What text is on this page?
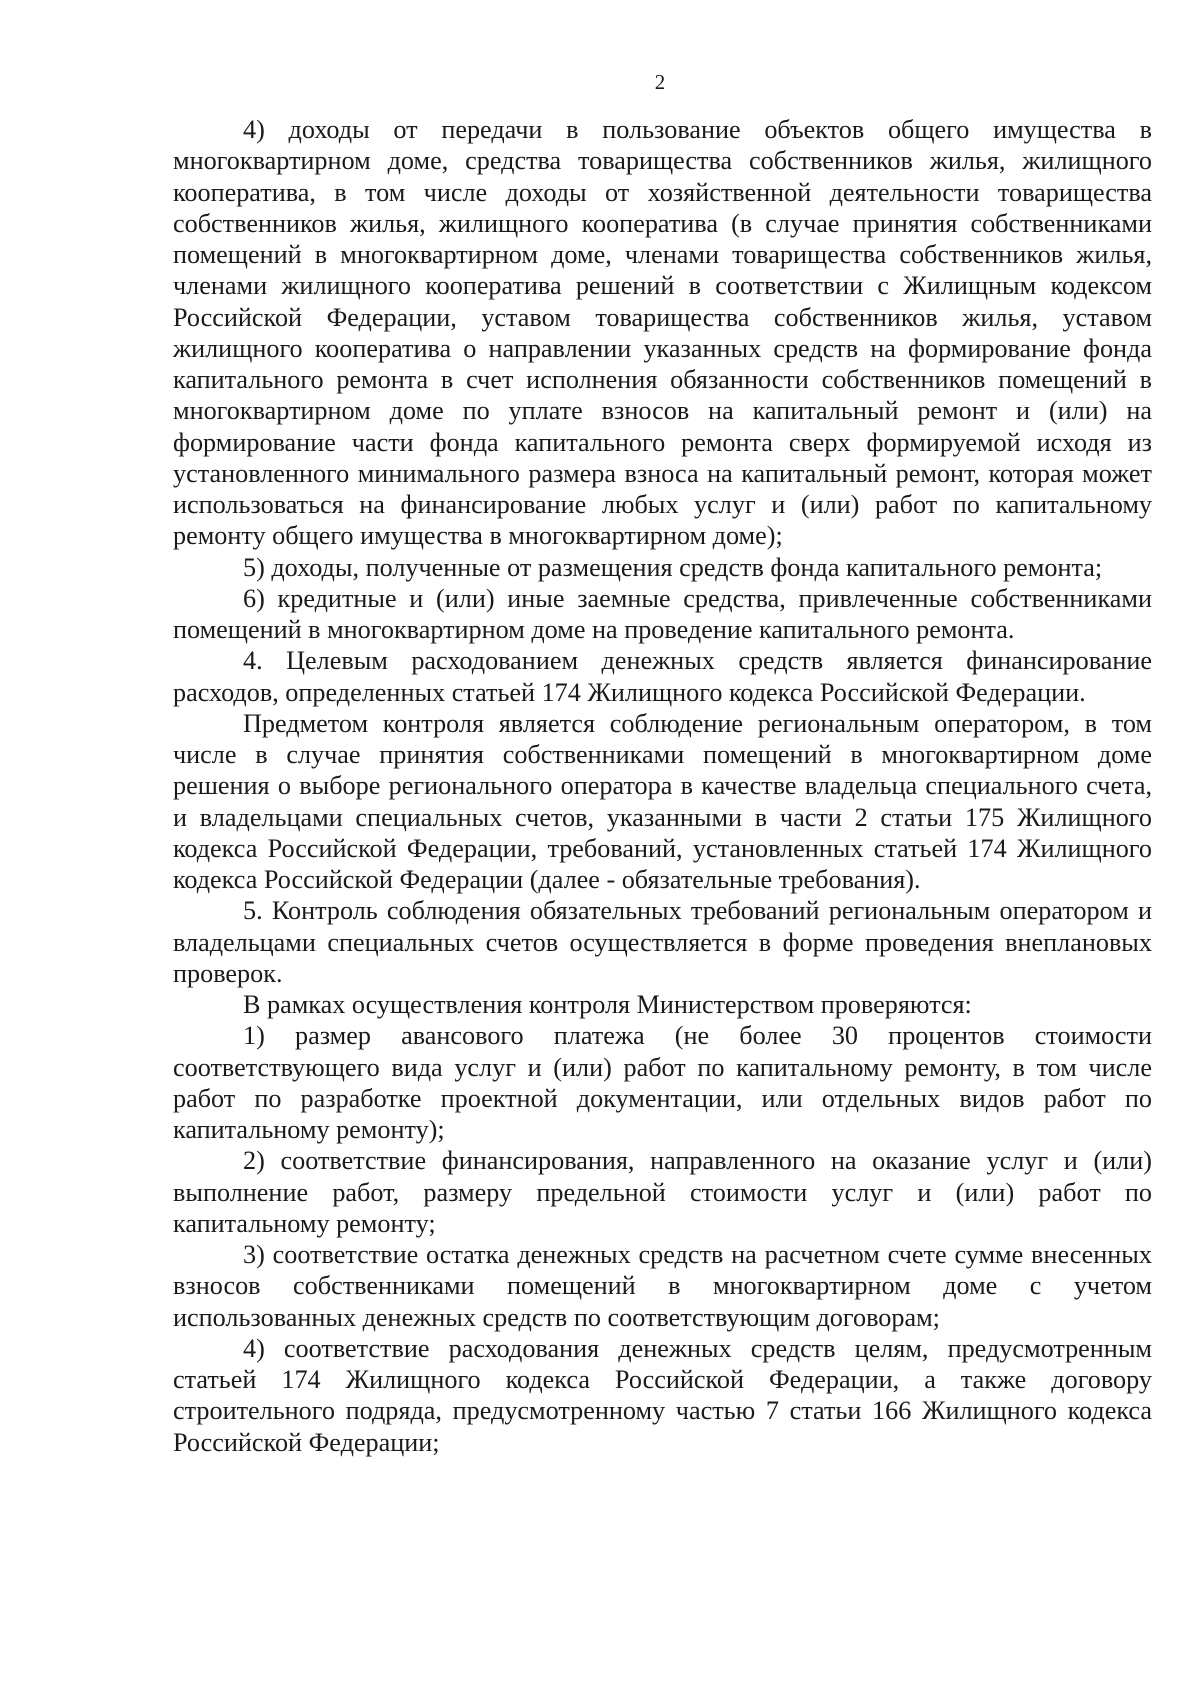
2

4) доходы от передачи в пользование объектов общего имущества в многоквартирном доме, средства товарищества собственников жилья, жилищного кооператива, в том числе доходы от хозяйственной деятельности товарищества собственников жилья, жилищного кооператива (в случае принятия собственниками помещений в многоквартирном доме, членами товарищества собственников жилья, членами жилищного кооператива решений в соответствии с Жилищным кодексом Российской Федерации, уставом товарищества собственников жилья, уставом жилищного кооператива о направлении указанных средств на формирование фонда капитального ремонта в счет исполнения обязанности собственников помещений в многоквартирном доме по уплате взносов на капитальный ремонт и (или) на формирование части фонда капитального ремонта сверх формируемой исходя из установленного минимального размера взноса на капитальный ремонт, которая может использоваться на финансирование любых услуг и (или) работ по капитальному ремонту общего имущества в многоквартирном доме);

5) доходы, полученные от размещения средств фонда капитального ремонта;

6) кредитные и (или) иные заемные средства, привлеченные собственниками помещений в многоквартирном доме на проведение капитального ремонта.

4. Целевым расходованием денежных средств является финансирование расходов, определенных статьей 174 Жилищного кодекса Российской Федерации.

Предметом контроля является соблюдение региональным оператором, в том числе в случае принятия собственниками помещений в многоквартирном доме решения о выборе регионального оператора в качестве владельца специального счета, и владельцами специальных счетов, указанными в части 2 статьи 175 Жилищного кодекса Российской Федерации, требований, установленных статьей 174 Жилищного кодекса Российской Федерации (далее - обязательные требования).

5. Контроль соблюдения обязательных требований региональным оператором и владельцами специальных счетов осуществляется в форме проведения внеплановых проверок.

В рамках осуществления контроля Министерством проверяются:

1) размер авансового платежа (не более 30 процентов стоимости соответствующего вида услуг и (или) работ по капитальному ремонту, в том числе работ по разработке проектной документации, или отдельных видов работ по капитальному ремонту);

2) соответствие финансирования, направленного на оказание услуг и (или) выполнение работ, размеру предельной стоимости услуг и (или) работ по капитальному ремонту;

3) соответствие остатка денежных средств на расчетном счете сумме внесенных взносов собственниками помещений в многоквартирном доме с учетом использованных денежных средств по соответствующим договорам;

4) соответствие расходования денежных средств целям, предусмотренным статьей 174 Жилищного кодекса Российской Федерации, а также договору строительного подряда, предусмотренному частью 7 статьи 166 Жилищного кодекса Российской Федерации;
